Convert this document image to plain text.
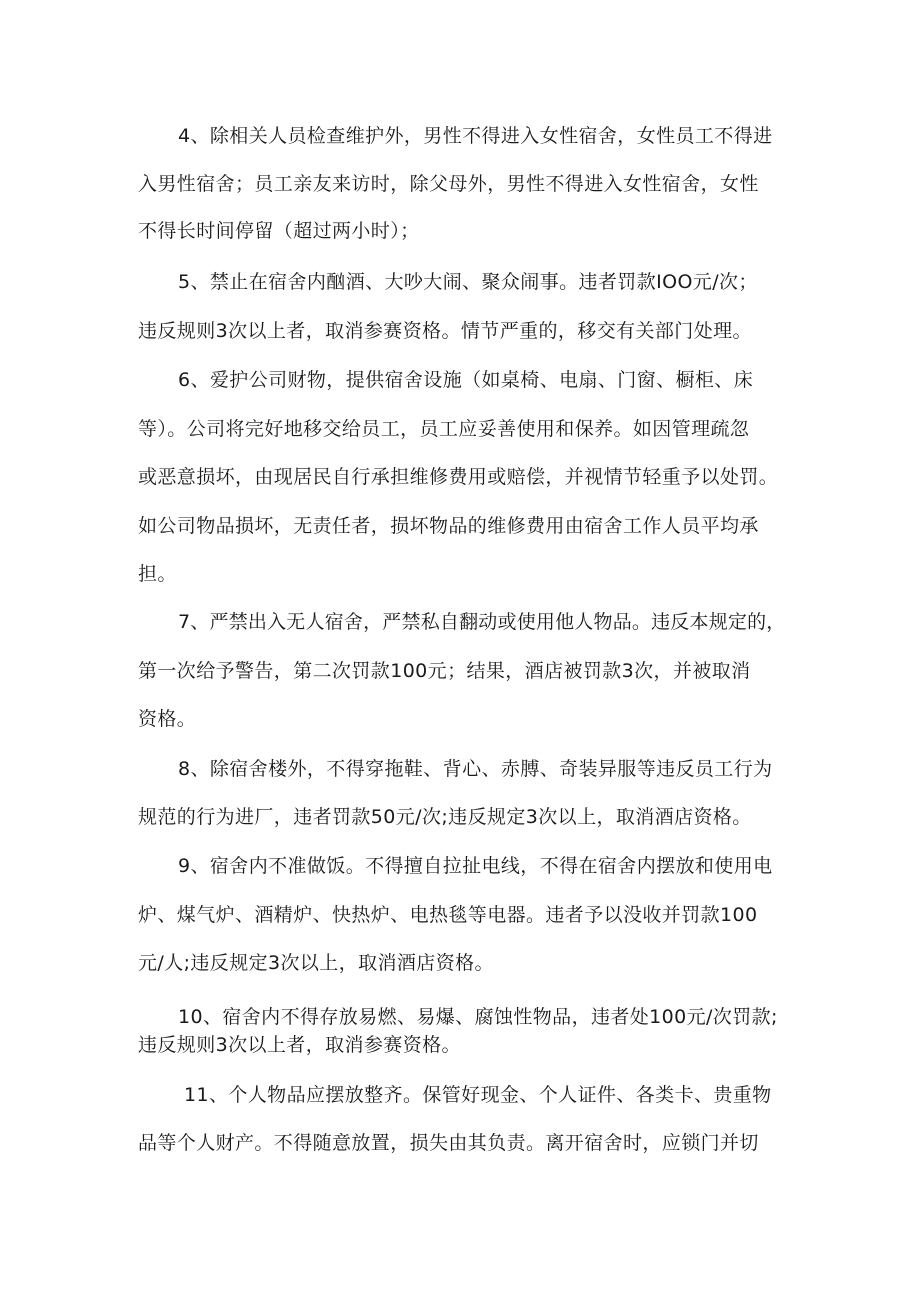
4、除相关人员检查维护外，男性不得进入女性宿舍，女性员工不得进
入男性宿舍；员工亲友来访时，除父母外，男性不得进入女性宿舍，女性
不得长时间停留（超过两小时）；
5、禁止在宿舍内酗酒、大吵大闹、聚众闹事。违者罚款IOO元/次；
违反规则3次以上者，取消参赛资格。情节严重的，移交有关部门处理。
6、爱护公司财物，提供宿舍设施（如桌椅、电扇、门窗、橱柜、床
等）。公司将完好地移交给员工，员工应妥善使用和保养。如因管理疏忽
或恶意损坏，由现居民自行承担维修费用或赔偿，并视情节轻重予以处罚。
如公司物品损坏，无责任者，损坏物品的维修费用由宿舍工作人员平均承
担。
7、严禁出入无人宿舍，严禁私自翻动或使用他人物品。违反本规定的，
第一次给予警告，第二次罚款100元；结果，酒店被罚款3次，并被取消
资格。
8、除宿舍楼外，不得穿拖鞋、背心、赤膊、奇装异服等违反员工行为
规范的行为进厂，违者罚款50元/次;违反规定3次以上，取消酒店资格。
9、宿舍内不准做饭。不得擅自拉扯电线，不得在宿舍内摆放和使用电
炉、煤气炉、酒精炉、快热炉、电热毯等电器。违者予以没收并罚款100
元/人;违反规定3次以上，取消酒店资格。
10、宿舍内不得存放易燃、易爆、腐蚀性物品，违者处100元/次罚款;
违反规则3次以上者，取消参赛资格。
11、个人物品应摆放整齐。保管好现金、个人证件、各类卡、贵重物
品等个人财产。不得随意放置，损失由其负责。离开宿舍时，应锁门并切
